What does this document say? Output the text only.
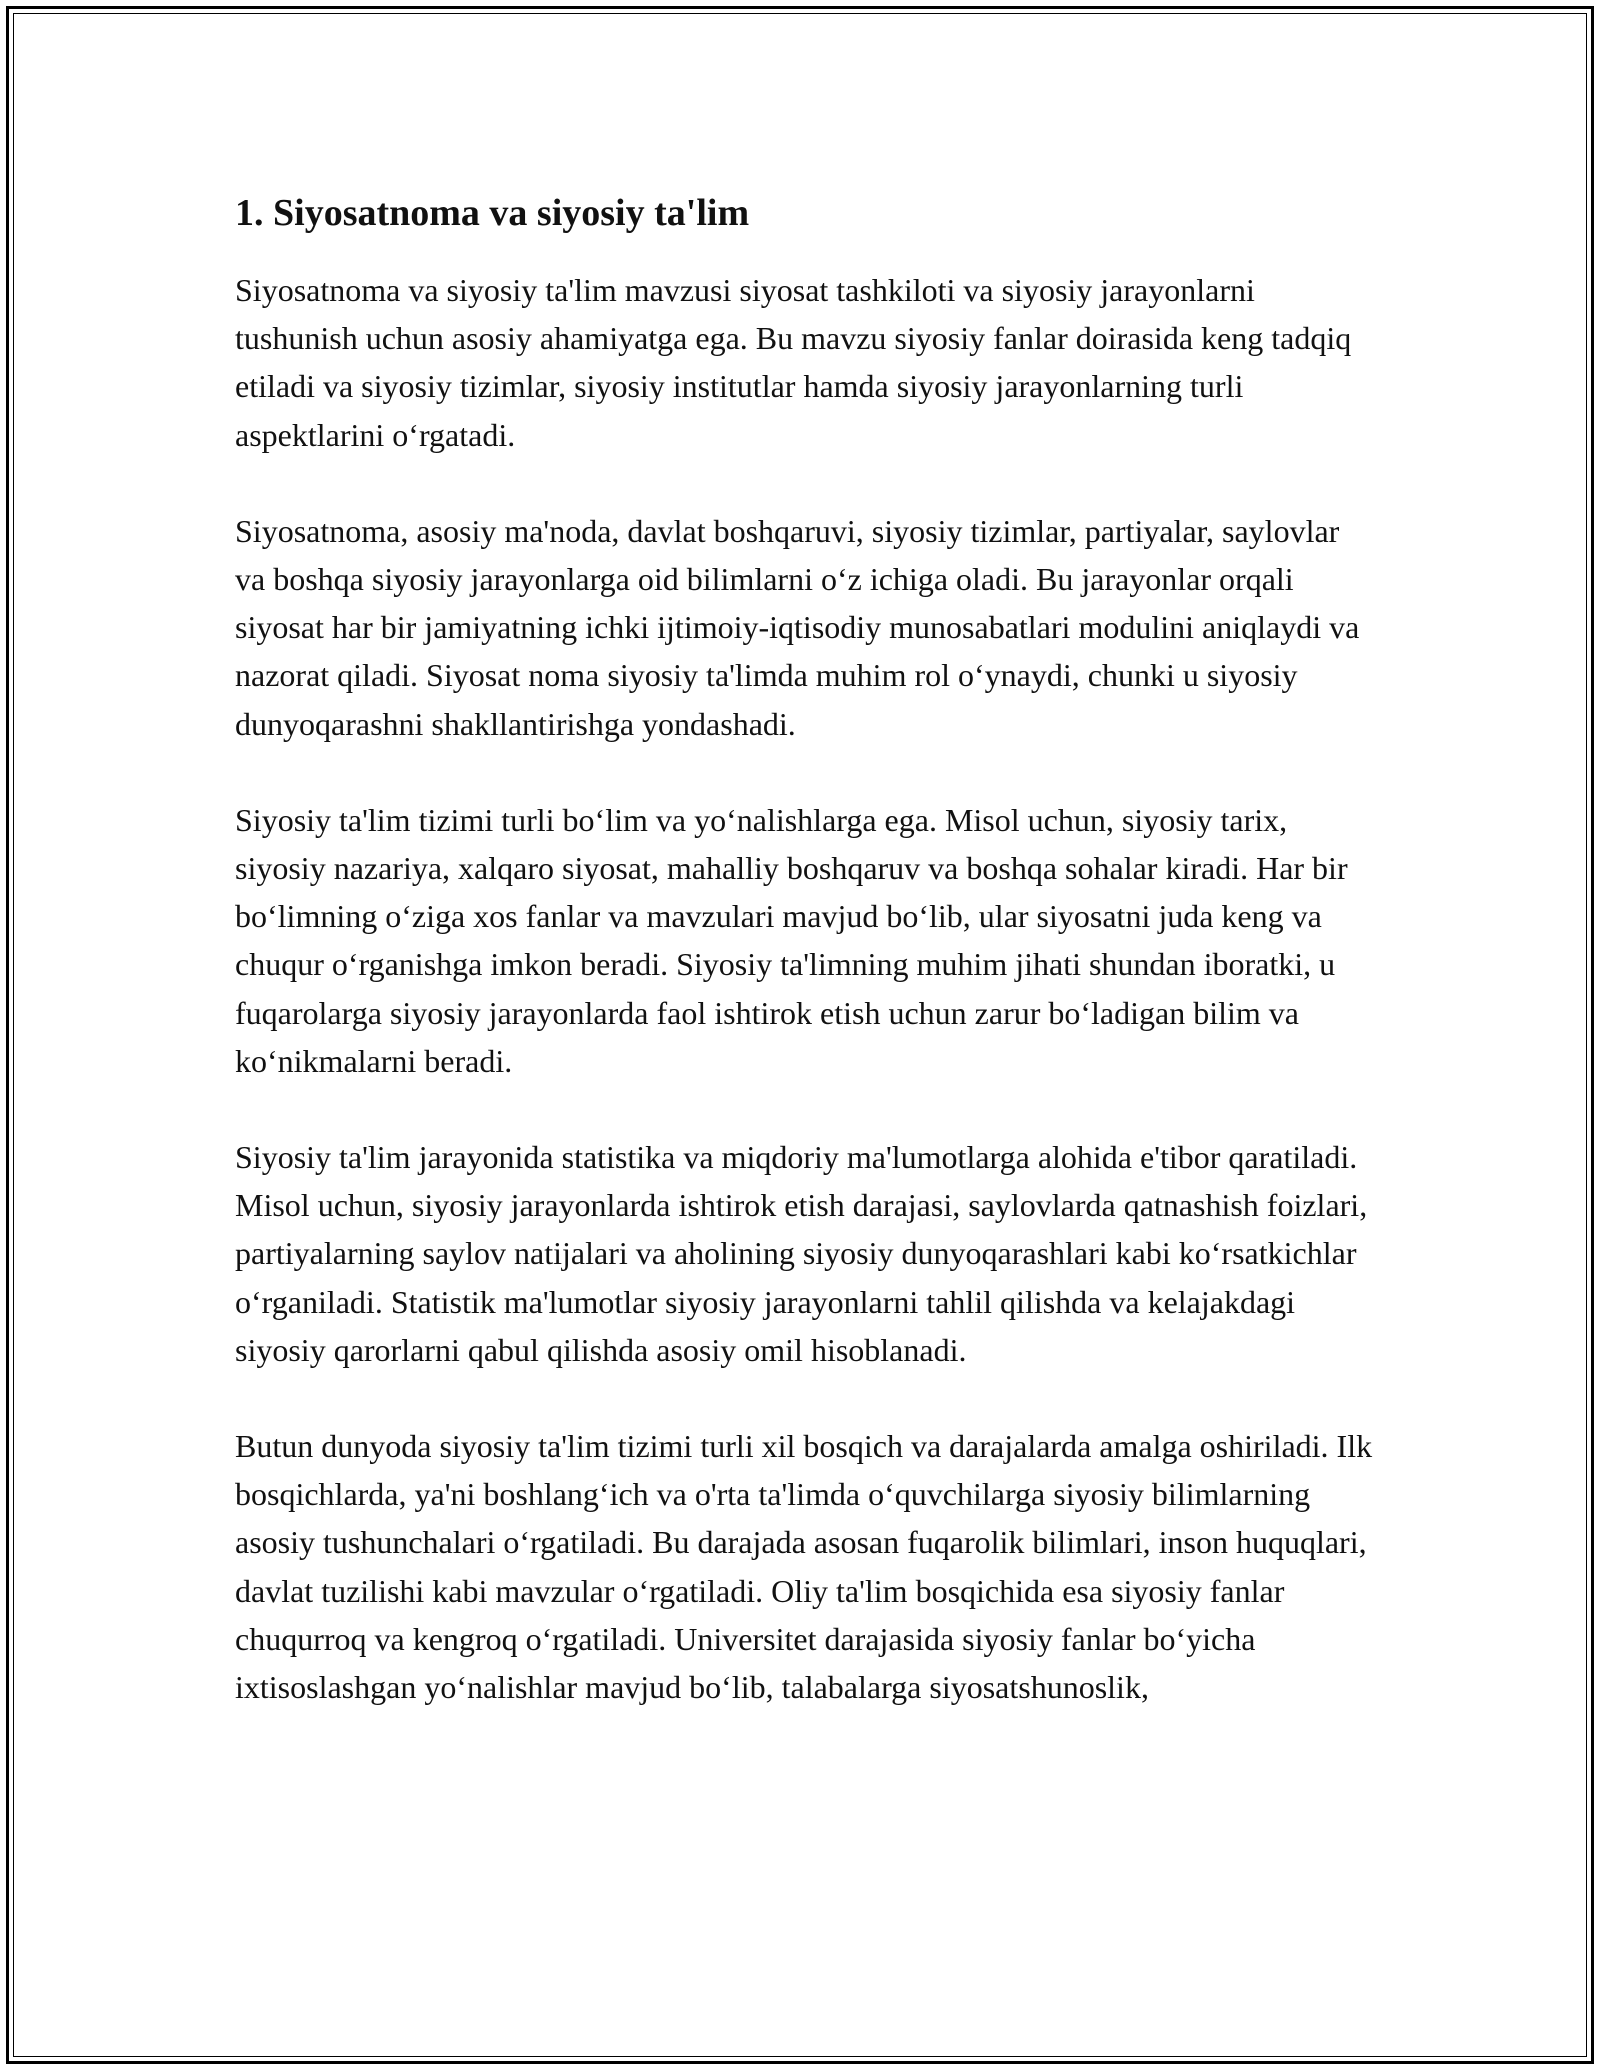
1. Siyosatnoma va siyosiy ta'lim

Siyosatnoma va siyosiy ta'lim mavzusi siyosat tashkiloti va siyosiy jarayonlarni tushunish uchun asosiy ahamiyatga ega. Bu mavzu siyosiy fanlar doirasida keng tadqiq etiladi va siyosiy tizimlar, siyosiy institutlar hamda siyosiy jarayonlarning turli aspektlarini oʻrgatadi.

Siyosatnoma, asosiy ma'noda, davlat boshqaruvi, siyosiy tizimlar, partiyalar, saylovlar va boshqa siyosiy jarayonlarga oid bilimlarni oʻz ichiga oladi. Bu jarayonlar orqali siyosat har bir jamiyatning ichki ijtimoiy-iqtisodiy munosabatlari modulini aniqlaydi va nazorat qiladi. Siyosat noma siyosiy ta'limda muhim rol oʻynaydi, chunki u siyosiy dunyoqarashni shakllantirishga yondashadi.

Siyosiy ta'lim tizimi turli boʻlim va yoʻnalishlarga ega. Misol uchun, siyosiy tarix, siyosiy nazariya, xalqaro siyosat, mahalliy boshqaruv va boshqa sohalar kiradi. Har bir boʻlimning oʻziga xos fanlar va mavzulari mavjud boʻlib, ular siyosatni juda keng va chuqur oʻrganishga imkon beradi. Siyosiy ta'limning muhim jihati shundan iboratki, u fuqarolarga siyosiy jarayonlarda faol ishtirok etish uchun zarur boʻladigan bilim va koʻnikmalarni beradi.

Siyosiy ta'lim jarayonida statistika va miqdoriy ma'lumotlarga alohida e'tibor qaratiladi. Misol uchun, siyosiy jarayonlarda ishtirok etish darajasi, saylovlarda qatnashish foizlari, partiyalarning saylov natijalari va aholining siyosiy dunyoqarashlari kabi koʻrsatkichlar oʻrganiladi. Statistik ma'lumotlar siyosiy jarayonlarni tahlil qilishda va kelajakdagi siyosiy qarorlarni qabul qilishda asosiy omil hisoblanadi.

Butun dunyoda siyosiy ta'lim tizimi turli xil bosqich va darajalarda amalga oshiriladi. Ilk bosqichlarda, ya'ni boshlangʻich va o'rta ta'limda oʻquvchilarga siyosiy bilimlarning asosiy tushunchalari oʻrgatiladi. Bu darajada asosan fuqarolik bilimlari, inson huquqlari, davlat tuzilishi kabi mavzular oʻrgatiladi. Oliy ta'lim bosqichida esa siyosiy fanlar chuqurroq va kengroq oʻrgatiladi. Universitet darajasida siyosiy fanlar boʻyicha ixtisoslashgan yoʻnalishlar mavjud boʻlib, talabalarga siyosatshunoslik,
